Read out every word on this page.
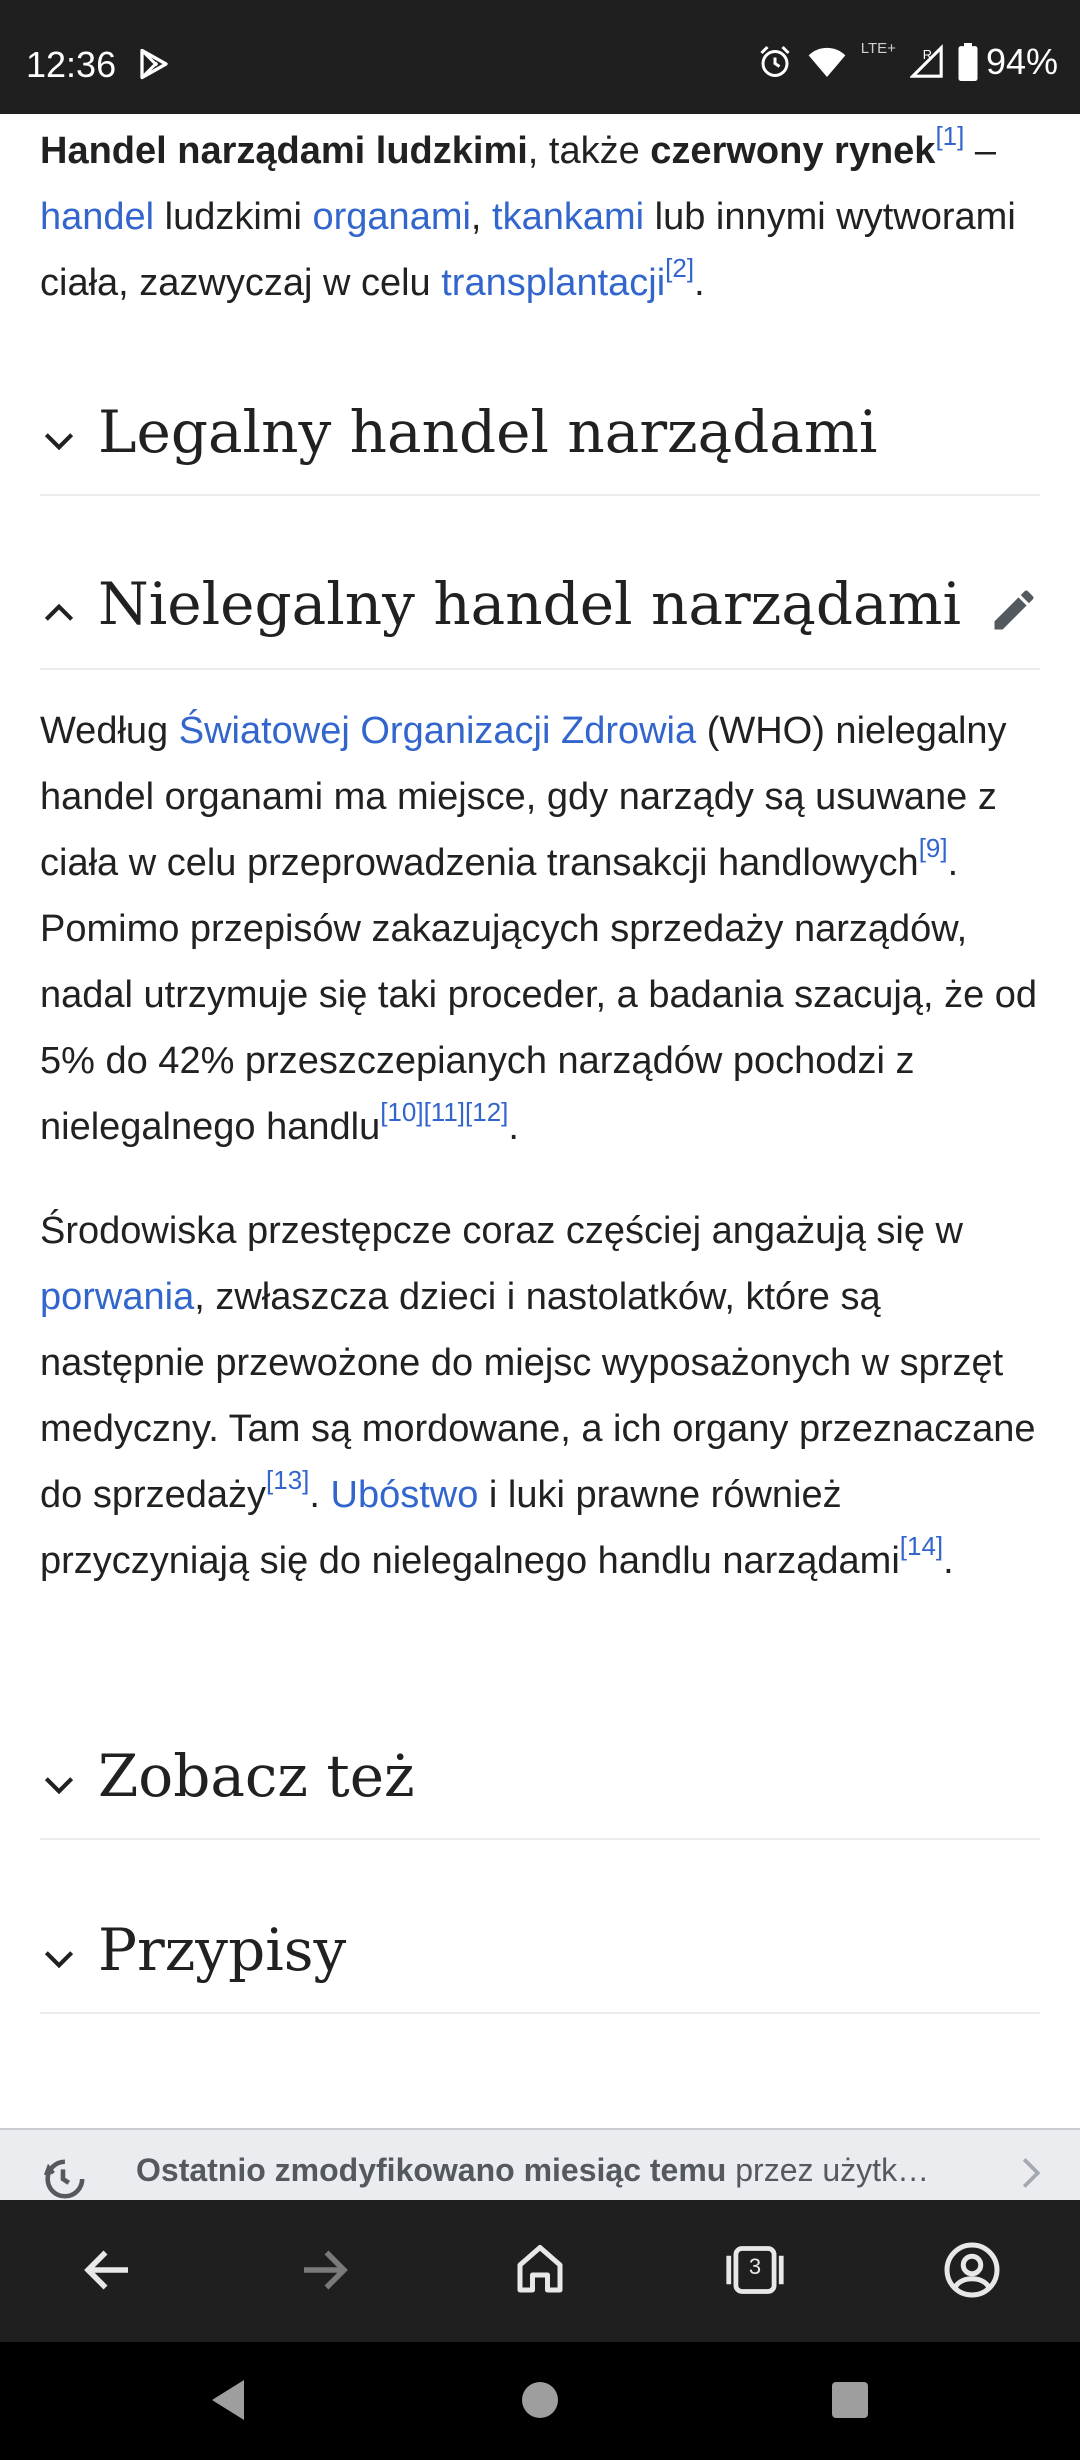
12:36	LTE+	R 94%

Handel narządami ludzkimi, także czerwony rynek[1] – handel ludzkimi organami, tkankami lub innymi wytworami ciała, zazwyczaj w celu transplantacji[2].

Legalny handel narządami
Nielegalny handel narządami

Według Światowej Organizacji Zdrowia (WHO) nielegalny handel organami ma miejsce, gdy narządy są usuwane z ciała w celu przeprowadzenia transakcji handlowych[9]. Pomimo przepisów zakazujących sprzedaży narządów, nadal utrzymuje się taki proceder, a badania szacują, że od 5% do 42% przeszczepianych narządów pochodzi z nielegalnego handlu[10][11][12].

Środowiska przestępcze coraz częściej angażują się w porwania, zwłaszcza dzieci i nastolatków, które są następnie przewożone do miejsc wyposażonych w sprzęt medyczny. Tam są mordowane, a ich organy przeznaczane do sprzedaży[13]. Ubóstwo i luki prawne również przyczyniają się do nielegalnego handlu narządami[14].

Zobacz też
Przypisy
Ostatnio zmodyfikowano miesiąc temu przez użytk…
3
